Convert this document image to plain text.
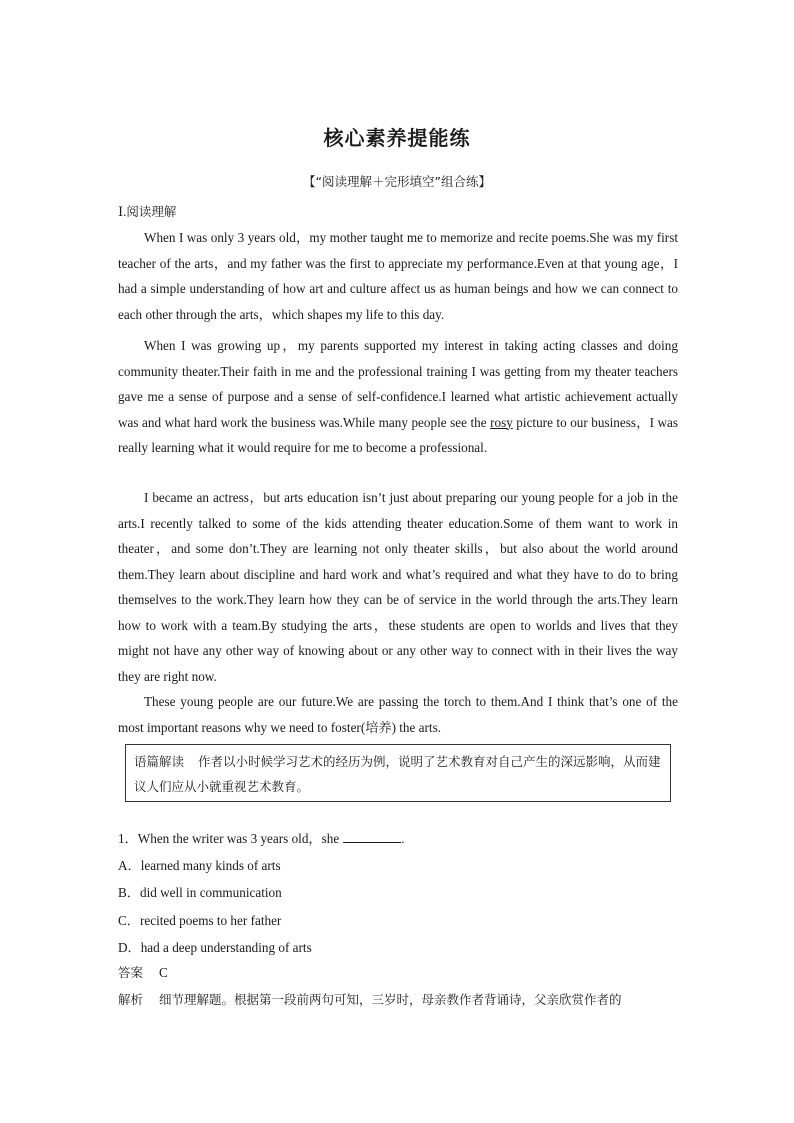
核心素养提能练
【“阅读理解＋完形填空”组合练】
Ⅰ.阅读理解

When I was only 3 years old，my mother taught me to memorize and recite poems.She was my first teacher of the arts，and my father was the first to appreciate my performance.Even at that young age，I had a simple understanding of how art and culture affect us as human beings and how we can connect to each other through the arts，which shapes my life to this day.

When I was growing up，my parents supported my interest in taking acting classes and doing community theater.Their faith in me and the professional training I was getting from my theater teachers gave me a sense of purpose and a sense of self-confidence.I learned what artistic achievement actually was and what hard work the business was.While many people see the rosy picture to our business，I was really learning what it would require for me to become a professional.

I became an actress，but arts education isn’t just about preparing our young people for a job in the arts.I recently talked to some of the kids attending theater education.Some of them want to work in theater，and some don’t.They are learning not only theater skills，but also about the world around them.They learn about discipline and hard work and what’s required and what they have to do to bring themselves to the work.They learn how they can be of service in the world through the arts.They learn how to work with a team.By studying the arts，these students are open to worlds and lives that they might not have any other way of knowing about or any other way to connect with in their lives the way they are right now.

These young people are our future.We are passing the torch to them.And I think that’s one of the most important reasons why we need to foster(培养) the arts.

语篇解读 作者以小时候学习艺术的经历为例，说明了艺术教育对自己产生的深远影响，从而建议人们应从小就重视艺术教育。
1．When the writer was 3 years old，she	.
A．learned many kinds of arts
B．did well in communication
C．recited poems to her father
D．had a deep understanding of arts
答案 C
解析 细节理解题。根据第一段前两句可知，三岁时，母亲教作者背诵诗，父亲欣赏作者的
